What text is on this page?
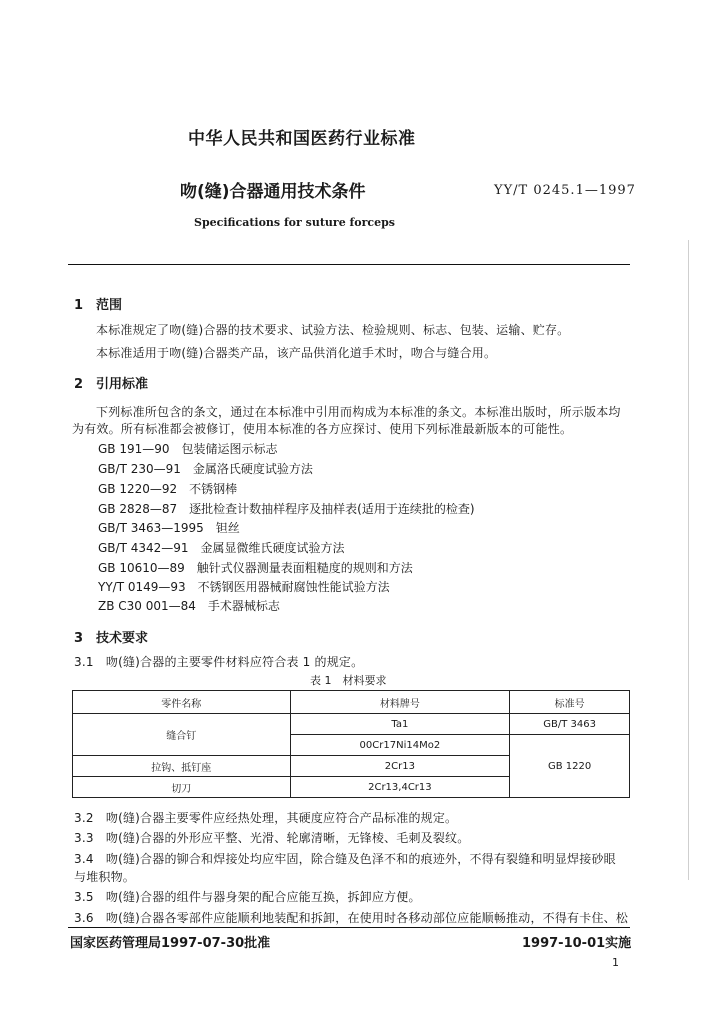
中华人民共和国医药行业标准
吻(缝)合器通用技术条件	YY/T 0245.1—1997
Specifications for suture forceps
1　范围
本标准规定了吻(缝)合器的技术要求、试验方法、检验规则、标志、包装、运输、贮存。
本标准适用于吻(缝)合器类产品，该产品供消化道手术时，吻合与缝合用。
2　引用标准
下列标准所包含的条文，通过在本标准中引用而构成为本标准的条文。本标准出版时，所示版本均
为有效。所有标准都会被修订，使用本标准的各方应探讨、使用下列标准最新版本的可能性。
GB 191—90　包装储运图示标志
GB/T 230—91　金属洛氏硬度试验方法
GB 1220—92　不锈钢棒
GB 2828—87　逐批检查计数抽样程序及抽样表(适用于连续批的检查)
GB/T 3463—1995　钽丝
GB/T 4342—91　金属显微维氏硬度试验方法
GB 10610—89　触针式仪器测量表面粗糙度的规则和方法
YY/T 0149—93　不锈钢医用器械耐腐蚀性能试验方法
ZB C30 001—84　手术器械标志
3　技术要求
3.1　吻(缝)合器的主要零件材料应符合表 1 的规定。
表 1　材料要求
零件名称	材料牌号	标准号
缝合钉	Ta1	GB/T 3463
	00Cr17Ni14Mo2	GB 1220
拉钩、抵钉座	2Cr13	
切刀	2Cr13,4Cr13	
3.2　吻(缝)合器主要零件应经热处理，其硬度应符合产品标准的规定。
3.3　吻(缝)合器的外形应平整、光滑、轮廓清晰，无锋棱、毛刺及裂纹。
3.4　吻(缝)合器的铆合和焊接处均应牢固，除合缝及色泽不和的痕迹外，不得有裂缝和明显焊接砂眼
与堆积物。
3.5　吻(缝)合器的组件与器身架的配合应能互换，拆卸应方便。
3.6　吻(缝)合器各零部件应能顺利地装配和拆卸，在使用时各移动部位应能顺畅推动，不得有卡住、松
国家医药管理局1997-07-30批准	1997-10-01实施
1
